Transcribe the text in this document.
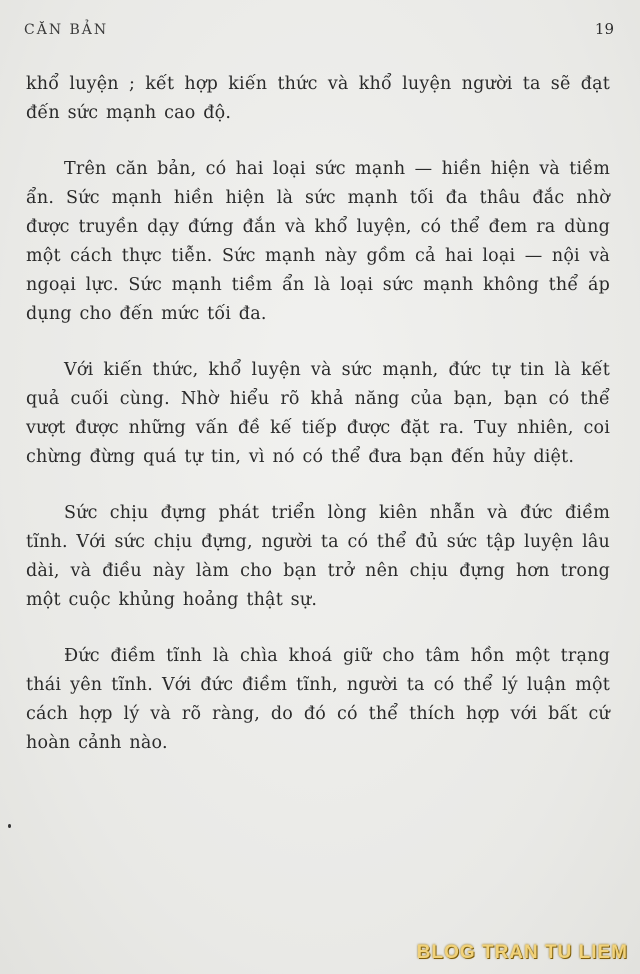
CĂN BẢN	19

khổ luyện ; kết hợp kiến thức và khổ luyện người ta sẽ đạt đến sức mạnh cao độ.

Trên căn bản, có hai loại sức mạnh — hiền hiện và tiềm ẩn. Sức mạnh hiền hiện là sức mạnh tối đa thâu đắc nhờ được truyền dạy đứng đắn và khổ luyện, có thể đem ra dùng một cách thực tiễn. Sức mạnh này gồm cả hai loại — nội và ngoại lực. Sức mạnh tiềm ẩn là loại sức mạnh không thể áp dụng cho đến mức tối đa.

Với kiến thức, khổ luyện và sức mạnh, đức tự tin là kết quả cuối cùng. Nhờ hiểu rõ khả năng của bạn, bạn có thể vượt được những vấn đề kế tiếp được đặt ra. Tuy nhiên, coi chừng đừng quá tự tin, vì nó có thể đưa bạn đến hủy diệt.

Sức chịu đựng phát triển lòng kiên nhẫn và đức điềm tĩnh. Với sức chịu đựng, người ta có thể đủ sức tập luyện lâu dài, và điều này làm cho bạn trở nên chịu đựng hơn trong một cuộc khủng hoảng thật sự.

Đức điềm tĩnh là chìa khoá giữ cho tâm hồn một trạng thái yên tĩnh. Với đức điềm tĩnh, người ta có thể lý luận một cách hợp lý và rõ ràng, do đó có thể thích hợp với bất cứ hoàn cảnh nào.

BLOG TRAN TU LIEM
